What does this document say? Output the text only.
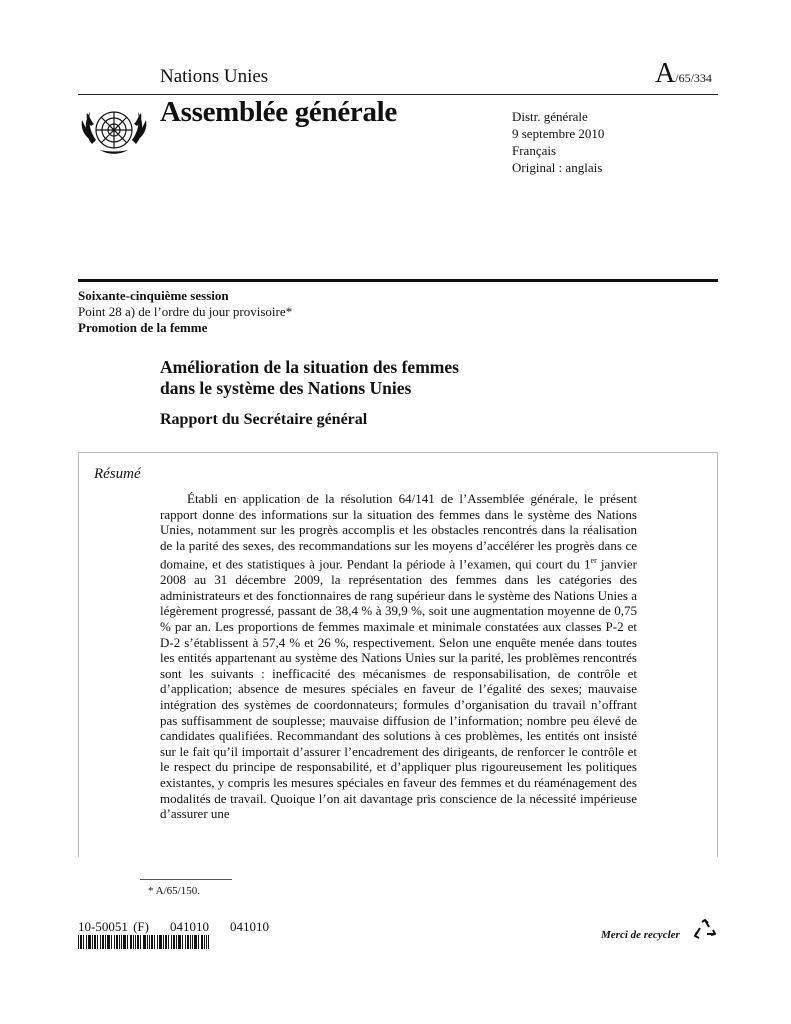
Nations Unies	A/65/334
Assemblée générale	Distr. générale
9 septembre 2010
Français
Original : anglais
Soixante-cinquième session
Point 28 a) de l’ordre du jour provisoire*
Promotion de la femme
Amélioration de la situation des femmes
dans le système des Nations Unies
Rapport du Secrétaire général
Résumé

Établi en application de la résolution 64/141 de l’Assemblée générale, le présent rapport donne des informations sur la situation des femmes dans le système des Nations Unies, notamment sur les progrès accomplis et les obstacles rencontrés dans la réalisation de la parité des sexes, des recommandations sur les moyens d’accélérer les progrès dans ce domaine, et des statistiques à jour. Pendant la période à l’examen, qui court du 1er janvier 2008 au 31 décembre 2009, la représentation des femmes dans les catégories des administrateurs et des fonctionnaires de rang supérieur dans le système des Nations Unies a légèrement progressé, passant de 38,4 % à 39,9 %, soit une augmentation moyenne de 0,75 % par an. Les proportions de femmes maximale et minimale constatées aux classes P-2 et D-2 s’établissent à 57,4 % et 26 %, respectivement. Selon une enquête menée dans toutes les entités appartenant au système des Nations Unies sur la parité, les problèmes rencontrés sont les suivants : inefficacité des mécanismes de responsabilisation, de contrôle et d’application; absence de mesures spéciales en faveur de l’égalité des sexes; mauvaise intégration des systèmes de coordonnateurs; formules d’organisation du travail n’offrant pas suffisamment de souplesse; mauvaise diffusion de l’information; nombre peu élevé de candidates qualifiées. Recommandant des solutions à ces problèmes, les entités ont insisté sur le fait qu’il importait d’assurer l’encadrement des dirigeants, de renforcer le contrôle et le respect du principe de responsabilité, et d’appliquer plus rigoureusement les politiques existantes, y compris les mesures spéciales en faveur des femmes et du réaménagement des modalités de travail. Quoique l’on ait davantage pris conscience de la nécessité impérieuse d’assurer une

* A/65/150.
10-50051 (F)    041010    041010
Merci de recycler
